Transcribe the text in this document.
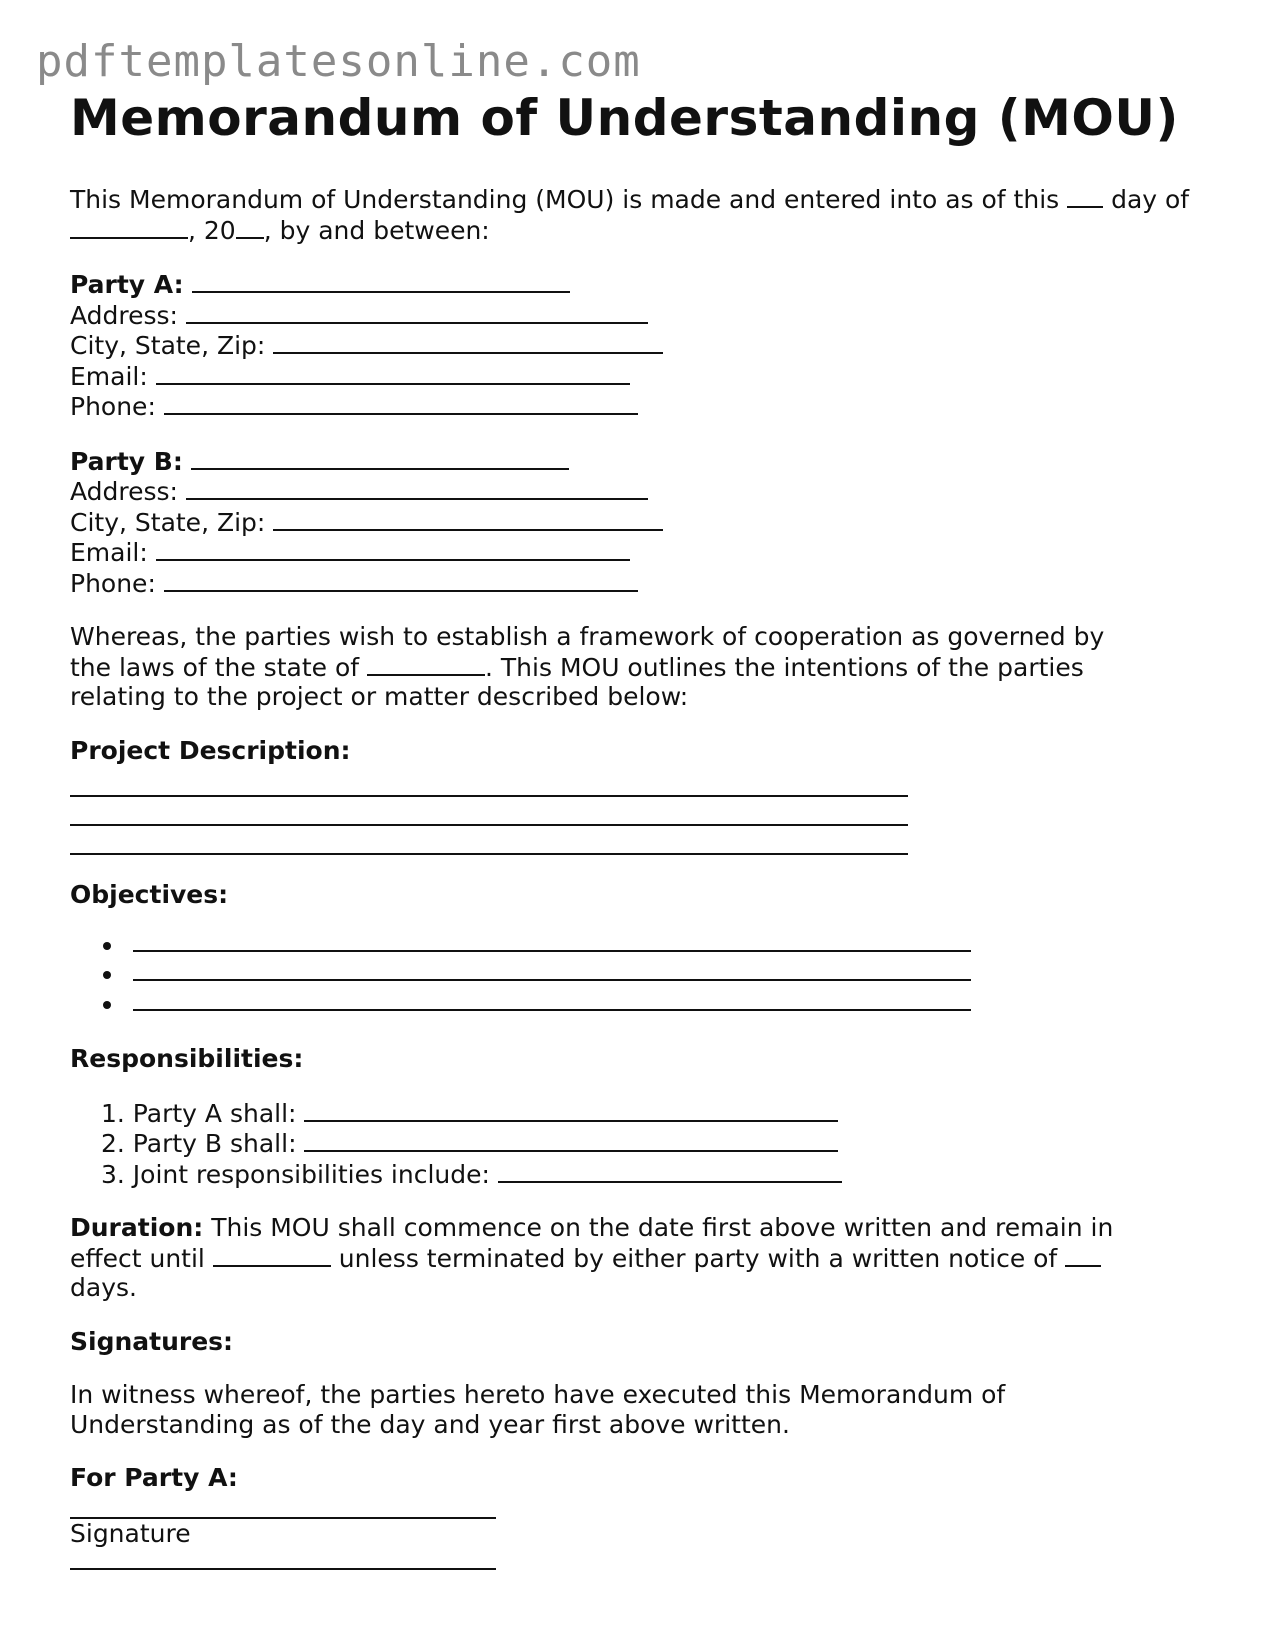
pdftemplatesonline.com
Memorandum of Understanding (MOU)

This Memorandum of Understanding (MOU) is made and entered into as of this day of
, 20 , by and between:

Party A:
Address:
City, State, Zip:
Email:
Phone:
Party B:
Address:
City, State, Zip:
Email:
Phone:

Whereas, the parties wish to establish a framework of cooperation as governed by the laws of the state of	. This MOU outlines the intentions of the parties relating to the project or matter described below:

Project Description:
Objectives:
Responsibilities:
1. Party A shall:
2. Party B shall:
3. Joint responsibilities include:

Duration: This MOU shall commence on the date first above written and remain in effect until	unless terminated by either party with a written notice of  days.

Signatures:

In witness whereof, the parties hereto have executed this Memorandum of Understanding as of the day and year first above written.

For Party A:
Signature
